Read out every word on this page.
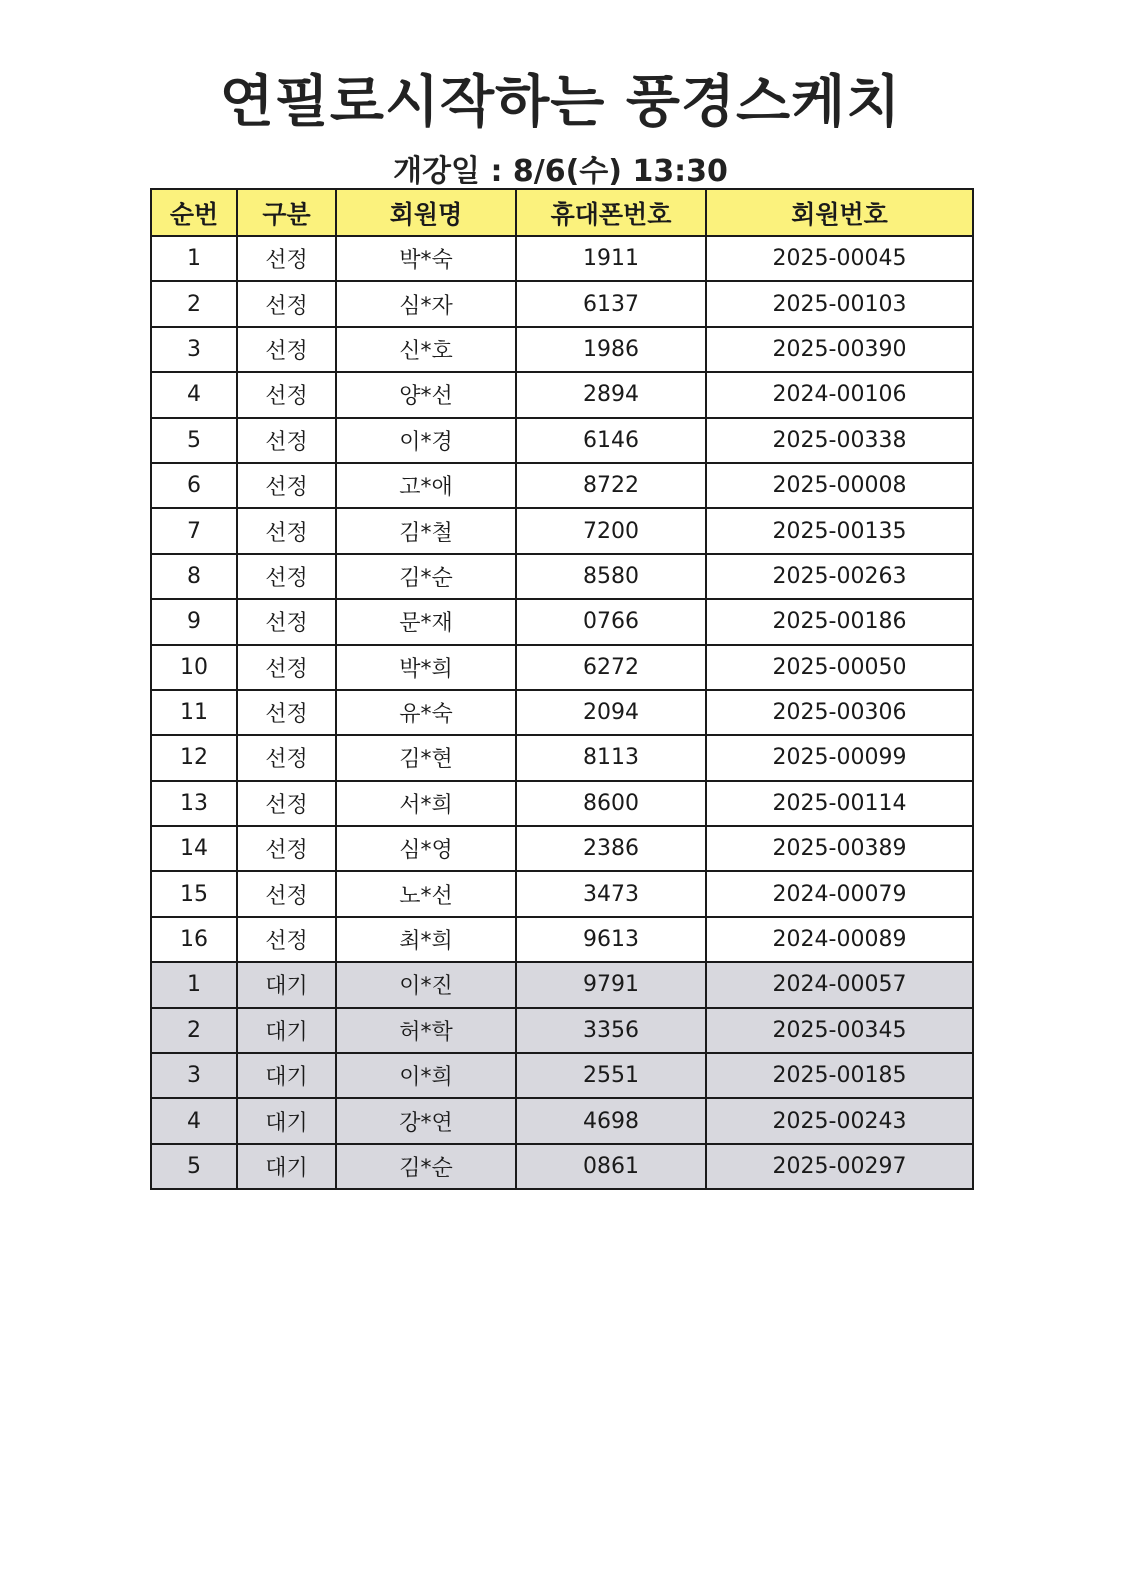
연필로시작하는 풍경스케치
개강일 : 8/6(수) 13:30
순번	구분	회원명	휴대폰번호	회원번호
1	선정	박*숙	1911	2025-00045
2	선정	심*자	6137	2025-00103
3	선정	신*호	1986	2025-00390
4	선정	양*선	2894	2024-00106
5	선정	이*경	6146	2025-00338
6	선정	고*애	8722	2025-00008
7	선정	김*철	7200	2025-00135
8	선정	김*순	8580	2025-00263
9	선정	문*재	0766	2025-00186
10	선정	박*희	6272	2025-00050
11	선정	유*숙	2094	2025-00306
12	선정	김*현	8113	2025-00099
13	선정	서*희	8600	2025-00114
14	선정	심*영	2386	2025-00389
15	선정	노*선	3473	2024-00079
16	선정	최*희	9613	2024-00089
1	대기	이*진	9791	2024-00057
2	대기	허*학	3356	2025-00345
3	대기	이*희	2551	2025-00185
4	대기	강*연	4698	2025-00243
5	대기	김*순	0861	2025-00297
